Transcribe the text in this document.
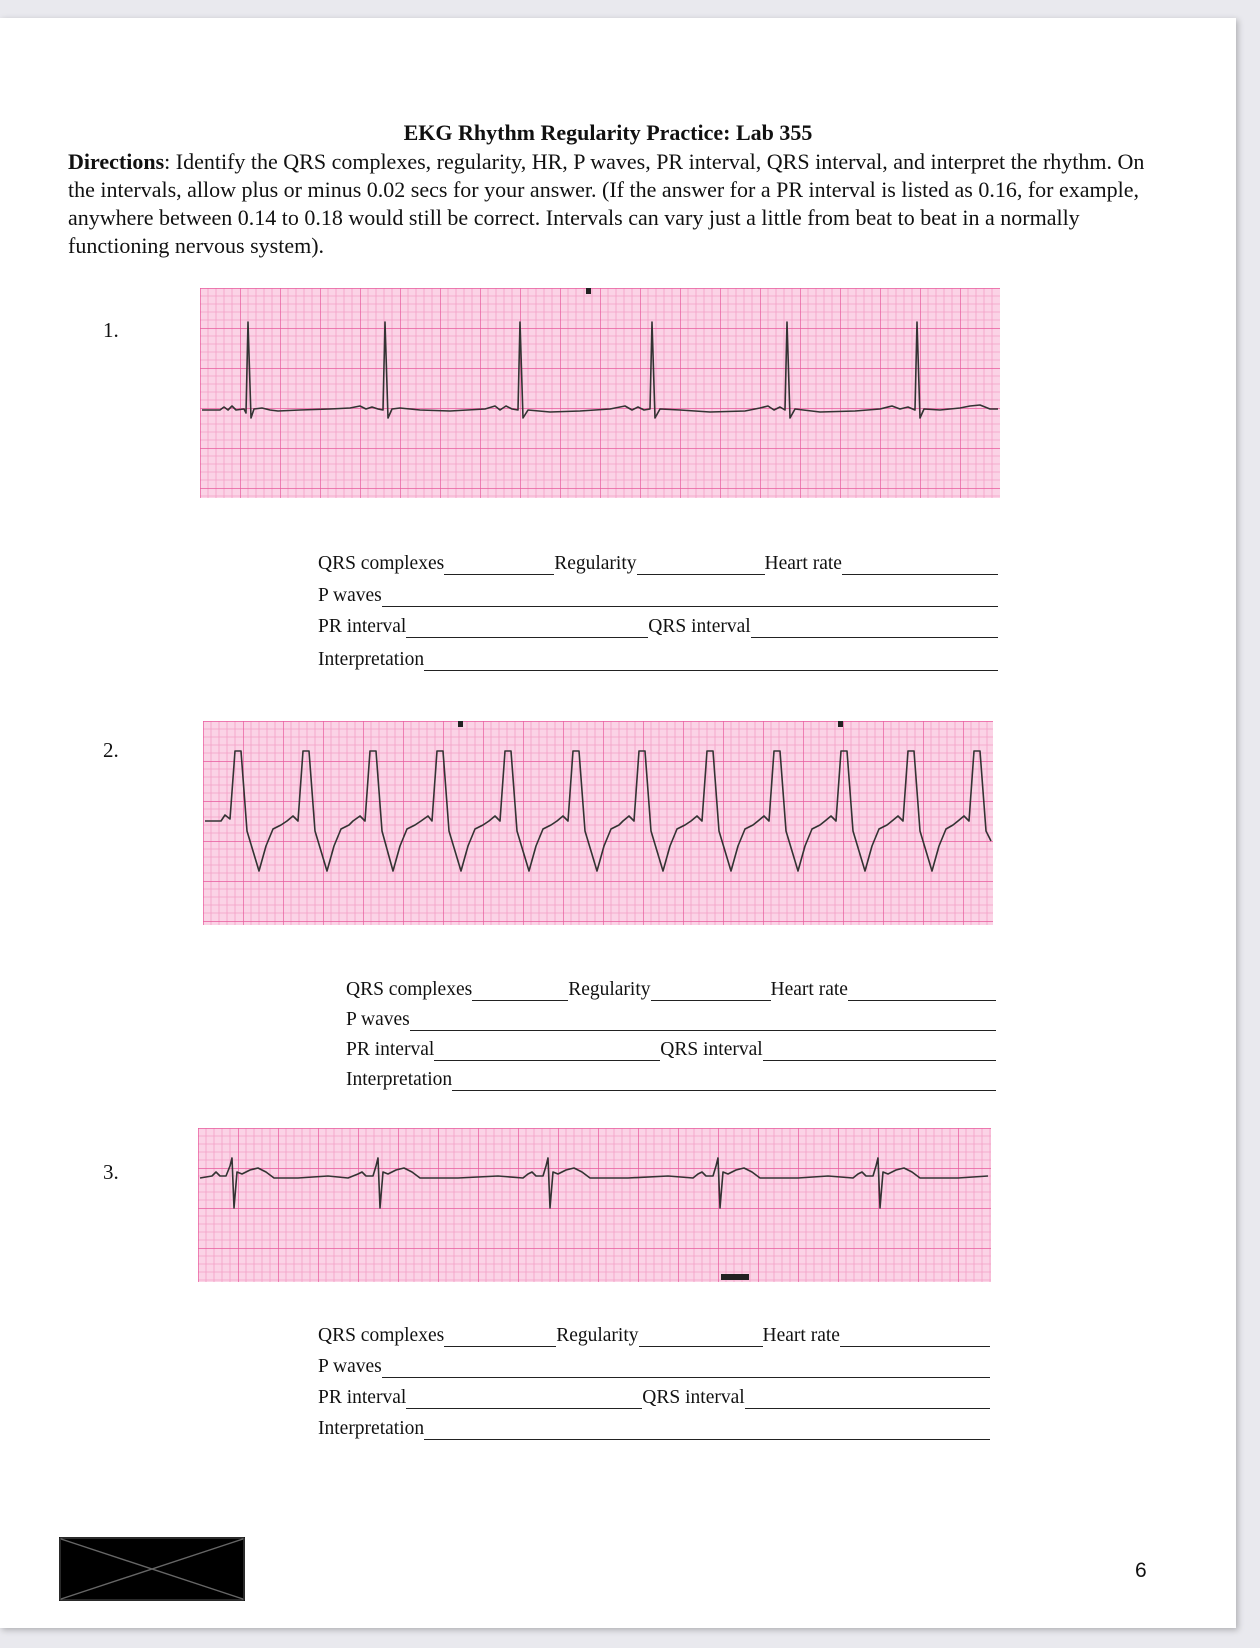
EKG Rhythm Regularity Practice: Lab 355
Directions: Identify the QRS complexes, regularity, HR, P waves, PR interval, QRS interval, and interpret the rhythm. On the intervals, allow plus or minus 0.02 secs for your answer. (If the answer for a PR interval is listed as 0.16, for example, anywhere between 0.14 to 0.18 would still be correct. Intervals can vary just a little from beat to beat in a normally functioning nervous system).
1.
QRS complexes	Regularity	Heart rate
P waves
PR interval	QRS interval
Interpretation
2.
QRS complexes	Regularity	Heart rate
P waves
PR interval	QRS interval
Interpretation
3.
QRS complexes	Regularity	Heart rate
P waves
PR interval	QRS interval
Interpretation
6
